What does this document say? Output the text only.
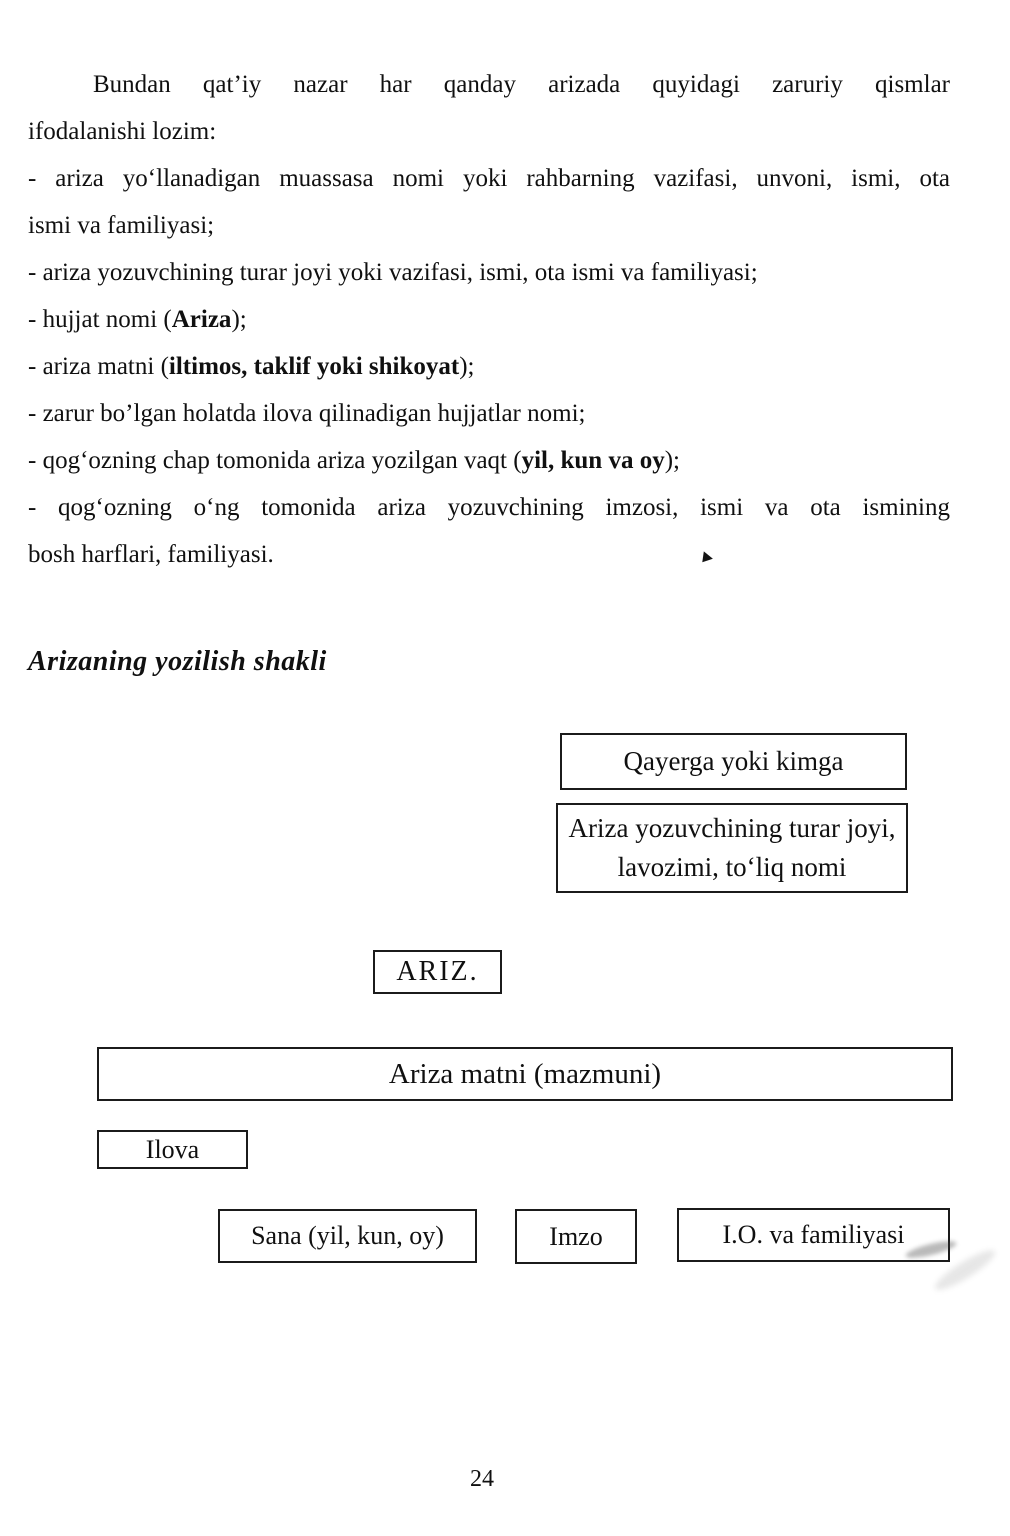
Bundan qat’iy nazar har qanday arizada quyidagi zaruriy qismlar
ifodalanishi lozim:
- ariza yo‘llanadigan muassasa nomi yoki rahbarning vazifasi, unvoni, ismi, ota
ismi va familiyasi;
- ariza yozuvchining turar joyi yoki vazifasi, ismi, ota ismi va familiyasi;
- hujjat nomi (Ariza);
- ariza matni (iltimos, taklif yoki shikoyat);
- zarur bo’lgan holatda ilova qilinadigan hujjatlar nomi;
- qog‘ozning chap tomonida ariza yozilgan vaqt (yil, kun va oy);
- qog‘ozning o‘ng tomonida ariza yozuvchining imzosi, ismi va ota ismining
bosh harflari, familiyasi.
Arizaning yozilish shakli
Qayerga yoki kimga
Ariza yozuvchining turar joyi,
lavozimi, to‘liq nomi
ARIZ.
Ariza matni (mazmuni)
Ilova
Sana (yil, kun, oy)	Imzo	I.O. va familiyasi
24
